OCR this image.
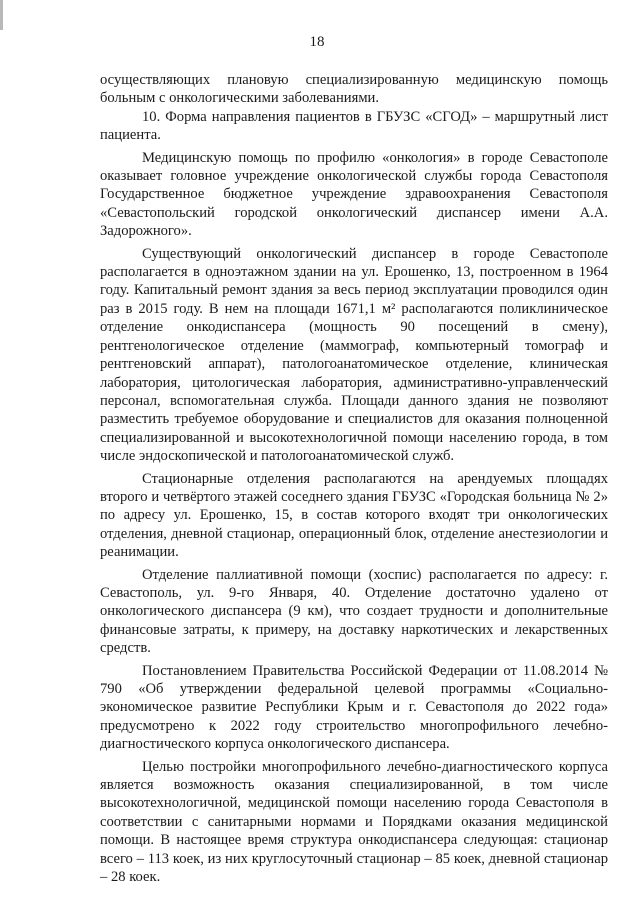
18

осуществляющих плановую специализированную медицинскую помощь больным с онкологическими заболеваниями.

10. Форма направления пациентов в ГБУЗС «СГОД» – маршрутный лист пациента.

Медицинскую помощь по профилю «онкология» в городе Севастополе оказывает головное учреждение онкологической службы города Севастополя Государственное бюджетное учреждение здравоохранения Севастополя «Севастопольский городской онкологический диспансер имени А.А. Задорожного».

Существующий онкологический диспансер в городе Севастополе располагается в одноэтажном здании на ул. Ерошенко, 13, построенном в 1964 году. Капитальный ремонт здания за весь период эксплуатации проводился один раз в 2015 году. В нем на площади 1671,1 м² располагаются поликлиническое отделение онкодиспансера (мощность 90 посещений в смену), рентгенологическое отделение (маммограф, компьютерный томограф и рентгеновский аппарат), патологоанатомическое отделение, клиническая лаборатория, цитологическая лаборатория, административно-управленческий персонал, вспомогательная служба. Площади данного здания не позволяют разместить требуемое оборудование и специалистов для оказания полноценной специализированной и высокотехнологичной помощи населению города, в том числе эндоскопической и патологоанатомической служб.

Стационарные отделения располагаются на арендуемых площадях второго и четвёртого этажей соседнего здания ГБУЗС «Городская больница № 2» по адресу ул. Ерошенко, 15, в состав которого входят три онкологических отделения, дневной стационар, операционный блок, отделение анестезиологии и реанимации.

Отделение паллиативной помощи (хоспис) располагается по адресу: г. Севастополь, ул. 9-го Января, 40. Отделение достаточно удалено от онкологического диспансера (9 км), что создает трудности и дополнительные финансовые затраты, к примеру, на доставку наркотических и лекарственных средств.

Постановлением Правительства Российской Федерации от 11.08.2014 № 790 «Об утверждении федеральной целевой программы «Социально-экономическое развитие Республики Крым и г. Севастополя до 2022 года» предусмотрено к 2022 году строительство многопрофильного лечебно-диагностического корпуса онкологического диспансера.

Целью постройки многопрофильного лечебно-диагностического корпуса является возможность оказания специализированной, в том числе высокотехнологичной, медицинской помощи населению города Севастополя в соответствии с санитарными нормами и Порядками оказания медицинской помощи. В настоящее время структура онкодиспансера следующая: стационар всего – 113 коек, из них круглосуточный стационар – 85 коек, дневной стационар – 28 коек.
